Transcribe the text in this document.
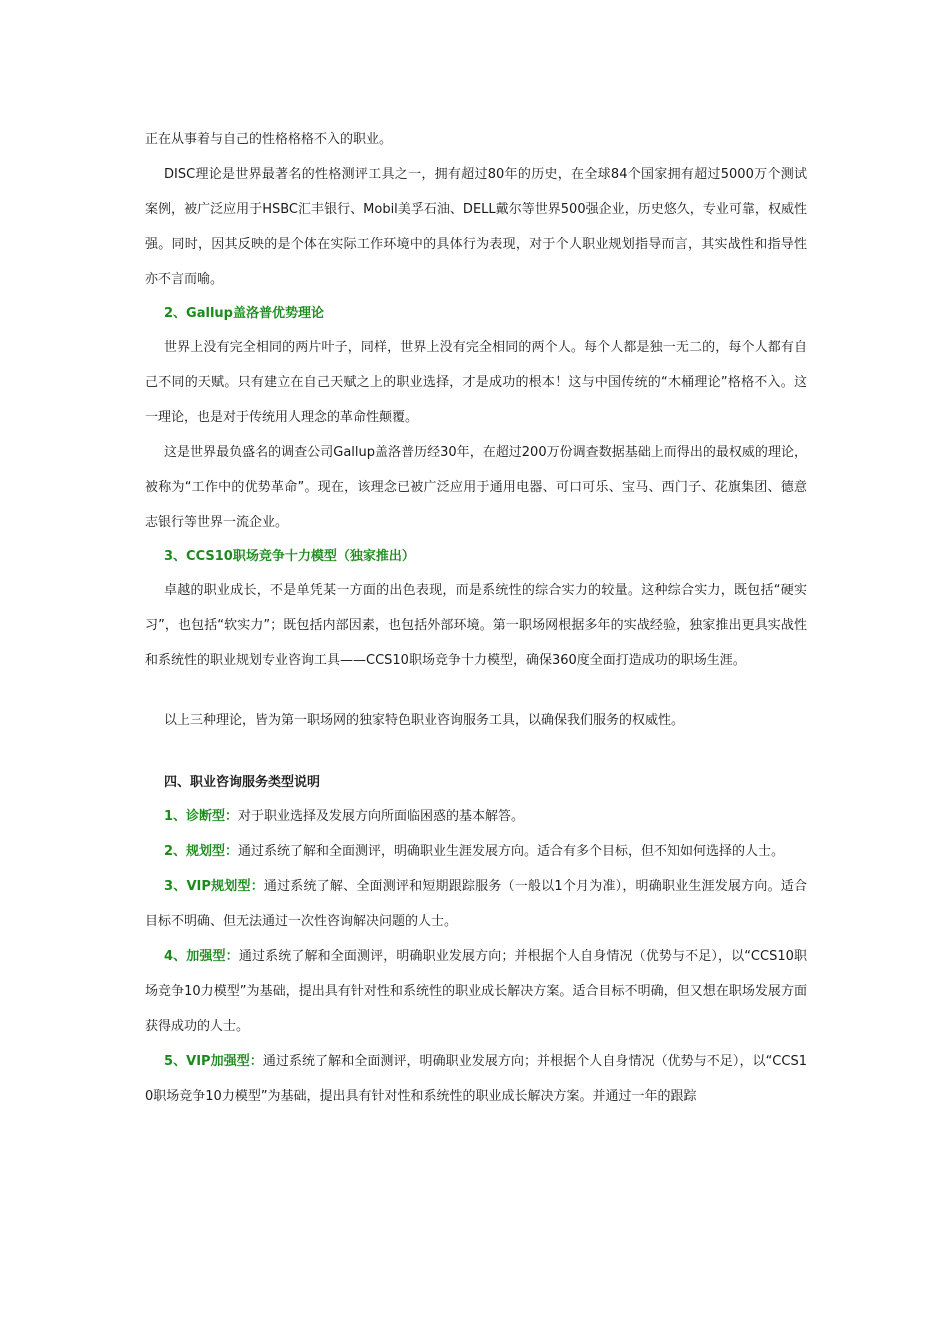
正在从事着与自己的性格格格不入的职业。

DISC理论是世界最著名的性格测评工具之一，拥有超过80年的历史，在全球84个国家拥有超过5000万个测试案例，被广泛应用于HSBC汇丰银行、Mobil美孚石油、DELL戴尔等世界500强企业，历史悠久，专业可靠，权威性强。同时，因其反映的是个体在实际工作环境中的具体行为表现，对于个人职业规划指导而言，其实战性和指导性亦不言而喻。

2、Gallup盖洛普优势理论

世界上没有完全相同的两片叶子，同样，世界上没有完全相同的两个人。每个人都是独一无二的，每个人都有自己不同的天赋。只有建立在自己天赋之上的职业选择，才是成功的根本！这与中国传统的“木桶理论”格格不入。这一理论，也是对于传统用人理念的革命性颠覆。

这是世界最负盛名的调查公司Gallup盖洛普历经30年，在超过200万份调查数据基础上而得出的最权威的理论，被称为“工作中的优势革命”。现在，该理念已被广泛应用于通用电器、可口可乐、宝马、西门子、花旗集团、德意志银行等世界一流企业。

3、CCS10职场竞争十力模型（独家推出）

卓越的职业成长，不是单凭某一方面的出色表现，而是系统性的综合实力的较量。这种综合实力，既包括“硬实习”，也包括“软实力”；既包括内部因素，也包括外部环境。第一职场网根据多年的实战经验，独家推出更具实战性和系统性的职业规划专业咨询工具——CCS10职场竞争十力模型，确保360度全面打造成功的职场生涯。

以上三种理论，皆为第一职场网的独家特色职业咨询服务工具，以确保我们服务的权威性。

四、职业咨询服务类型说明

1、诊断型：对于职业选择及发展方向所面临困惑的基本解答。

2、规划型：通过系统了解和全面测评，明确职业生涯发展方向。适合有多个目标，但不知如何选择的人士。

3、VIP规划型：通过系统了解、全面测评和短期跟踪服务（一般以1个月为准），明确职业生涯发展方向。适合目标不明确、但无法通过一次性咨询解决问题的人士。

4、加强型：通过系统了解和全面测评，明确职业发展方向；并根据个人自身情况（优势与不足），以“CCS10职场竞争10力模型”为基础，提出具有针对性和系统性的职业成长解决方案。适合目标不明确，但又想在职场发展方面获得成功的人士。

5、VIP加强型：通过系统了解和全面测评，明确职业发展方向；并根据个人自身情况（优势与不足），以“CCS10职场竞争10力模型”为基础，提出具有针对性和系统性的职业成长解决方案。并通过一年的跟踪
